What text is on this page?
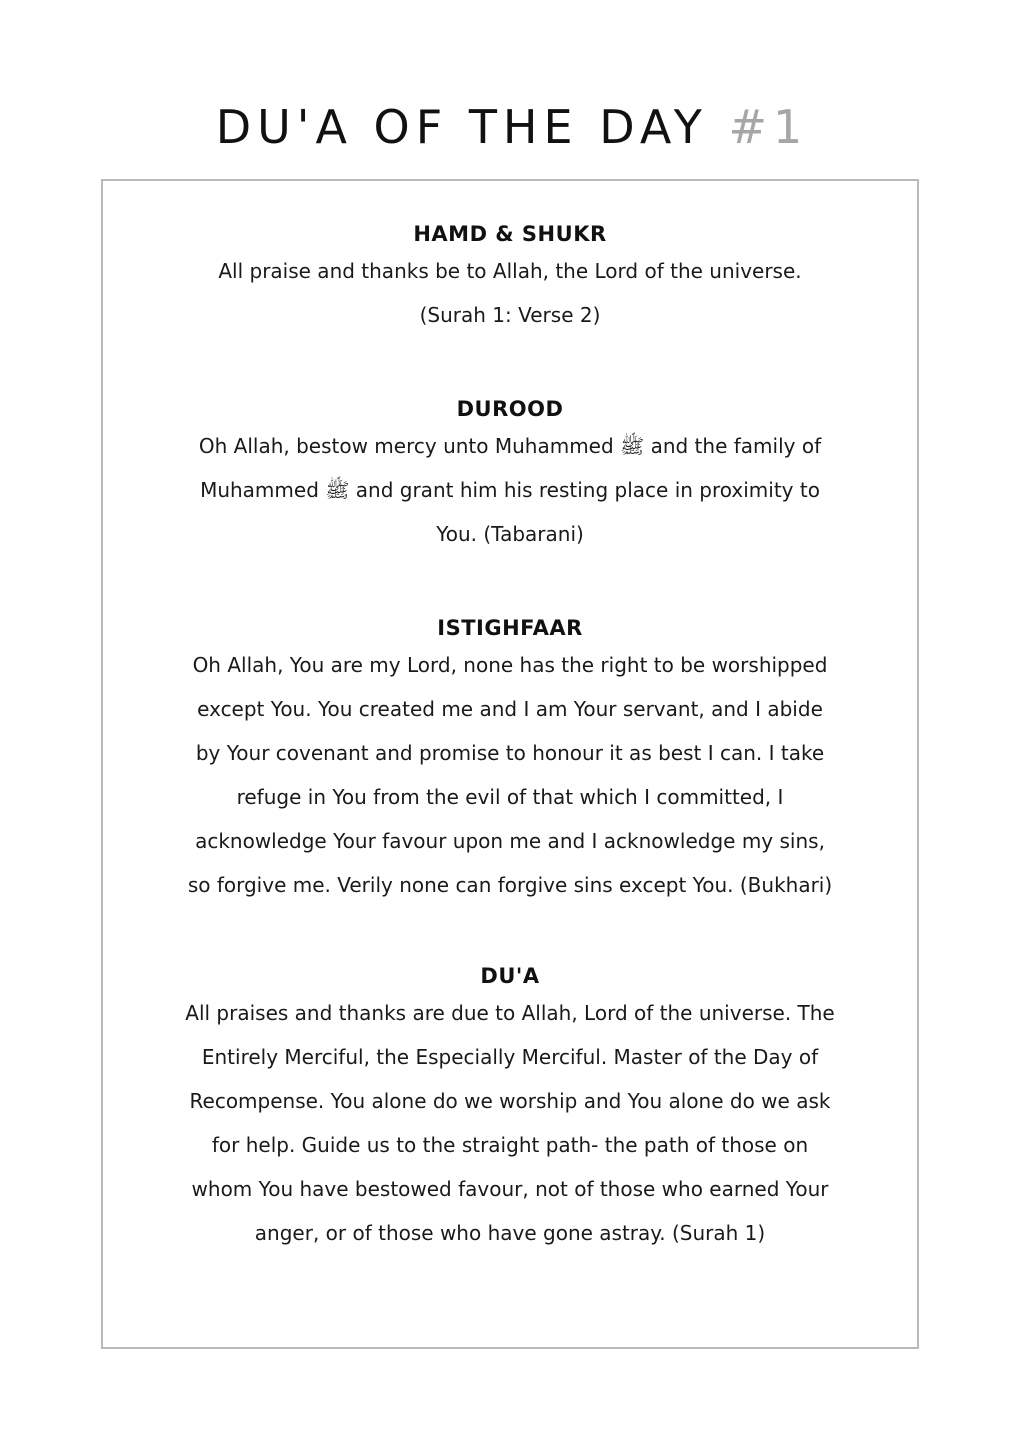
DU'A OF THE DAY #1
HAMD & SHUKR

All praise and thanks be to Allah, the Lord of the universe.
(Surah 1: Verse 2)

DUROOD

Oh Allah, bestow mercy unto Muhammed ﷺ and the family of
Muhammed ﷺ and grant him his resting place in proximity to
You. (Tabarani)

ISTIGHFAAR

Oh Allah, You are my Lord, none has the right to be worshipped
except You. You created me and I am Your servant, and I abide
by Your covenant and promise to honour it as best I can. I take
refuge in You from the evil of that which I committed, I
acknowledge Your favour upon me and I acknowledge my sins,
so forgive me. Verily none can forgive sins except You. (Bukhari)

DU'A

All praises and thanks are due to Allah, Lord of the universe. The
Entirely Merciful, the Especially Merciful. Master of the Day of
Recompense. You alone do we worship and You alone do we ask
for help. Guide us to the straight path- the path of those on
whom You have bestowed favour, not of those who earned Your
anger, or of those who have gone astray. (Surah 1)
